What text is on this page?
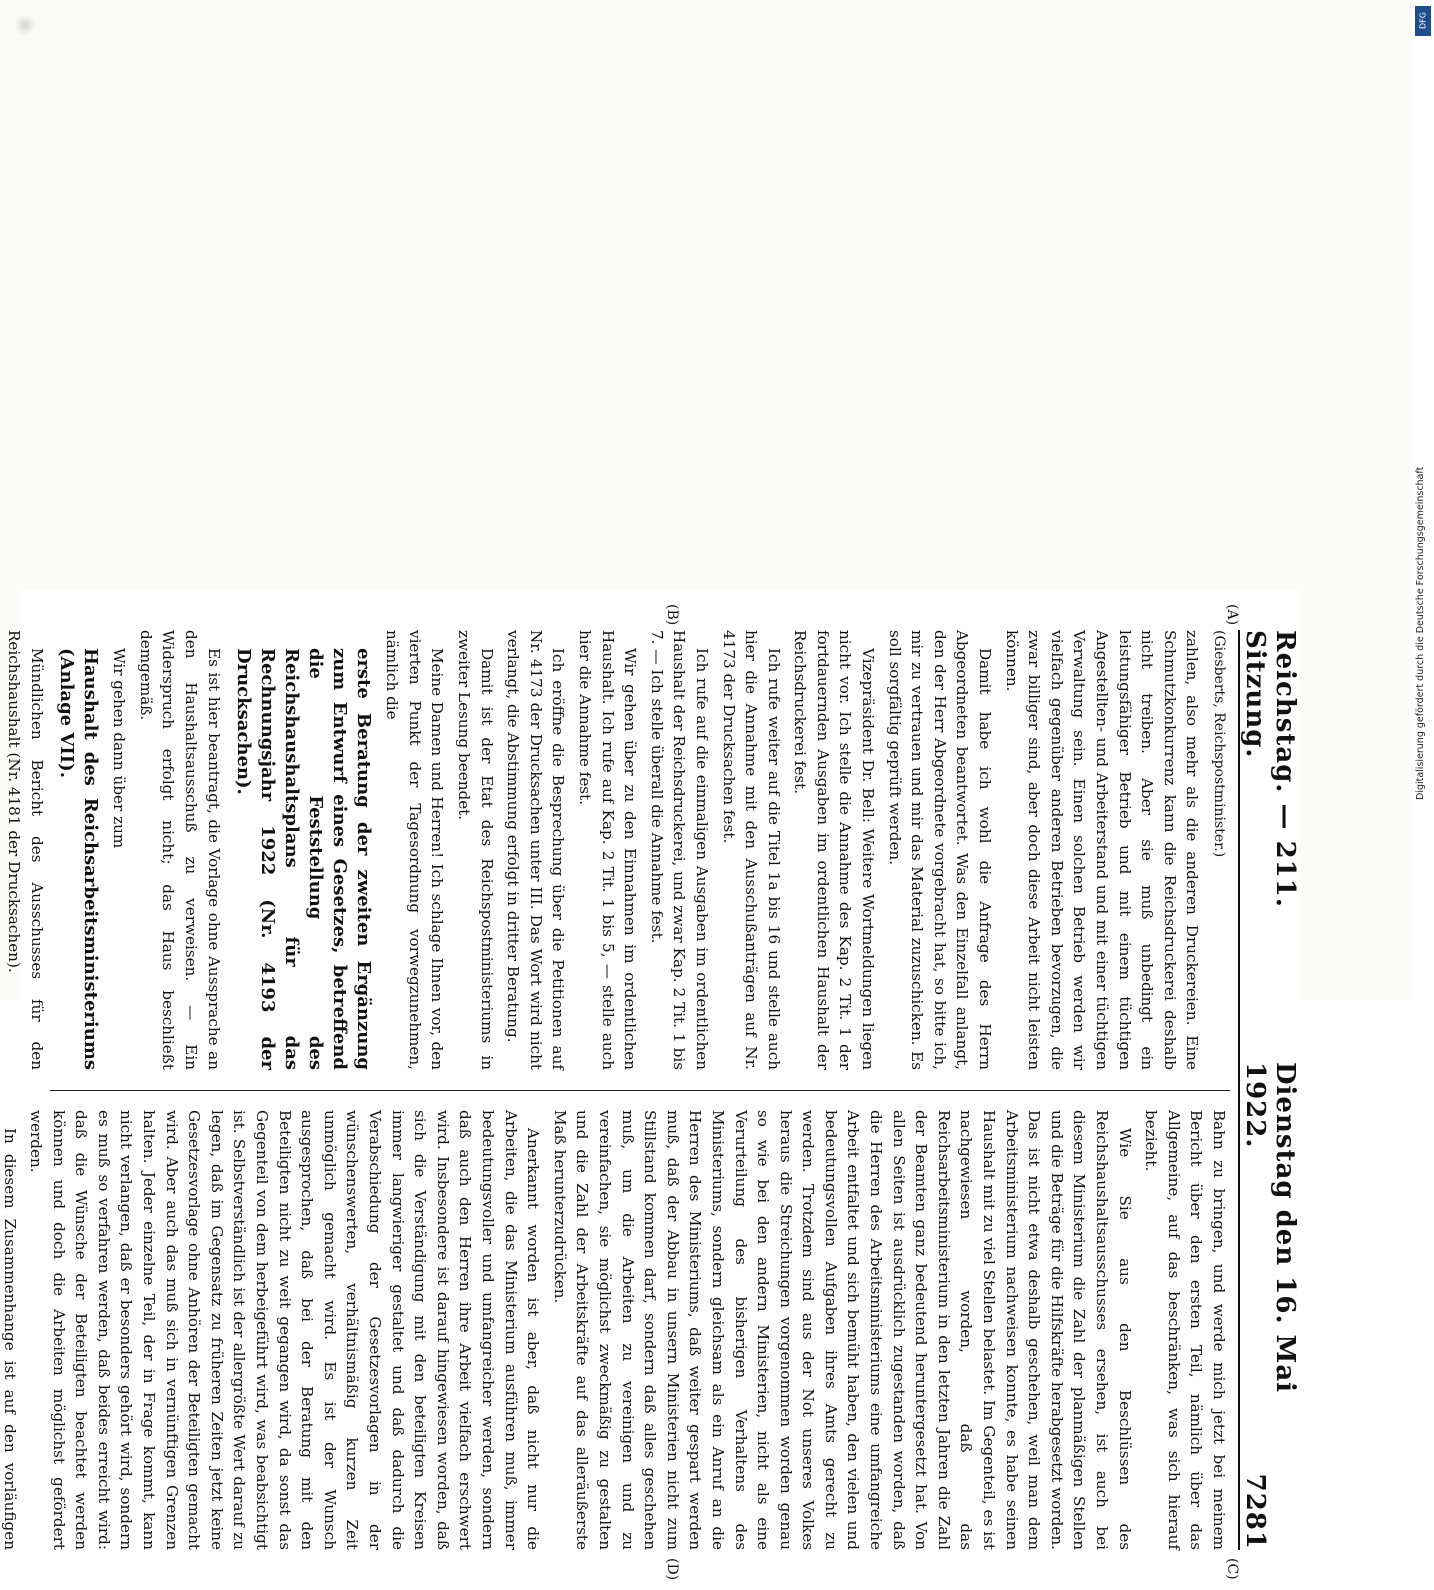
Reichstag. — 211. Sitzung.
Dienstag den 16. Mai 1922.
7281
(A)
(B)
(C)
(D)

(Giesberts, Reichspostminister.)

zahlen, also mehr als die anderen Druckereien. Eine Schmutzkonkurrenz kann die Reichsdruckerei deshalb nicht treiben. Aber sie muß unbedingt ein leistungsfähiger Betrieb und mit einem tüchtigen Angestellten- und Arbeiterstand und mit einer tüchtigen Verwaltung sein. Einen solchen Betrieb werden wir vielfach gegenüber anderen Betrieben bevorzugen, die zwar billiger sind, aber doch diese Arbeit nicht leisten können.

Damit habe ich wohl die Anfrage des Herrn Abgeordneten beantwortet. Was den Einzelfall anlangt, den der Herr Abgeordnete vorgebracht hat, so bitte ich, mir zu vertrauen und mir das Material zuzuschicken. Es soll sorgfältig geprüft werden.

Vizepräsident Dr. Bell: Weitere Wortmeldungen liegen nicht vor. Ich stelle die Annahme des Kap. 2 Tit. 1 der fortdauernden Ausgaben im ordentlichen Haushalt der Reichsdruckerei fest.

Ich rufe weiter auf die Titel 1a bis 16 und stelle auch hier die Annahme mit den Ausschußanträgen auf Nr. 4173 der Drucksachen fest.

Ich rufe auf die einmaligen Ausgaben im ordentlichen Haushalt der Reichsdruckerei, und zwar Kap. 2 Tit. 1 bis 7. — Ich stelle überall die Annahme fest.

Wir gehen über zu den Einnahmen im ordentlichen Haushalt. Ich rufe auf Kap. 2 Tit. 1 bis 5, — stelle auch hier die Annahme fest.

Ich eröffne die Besprechung über die Petitionen auf Nr. 4173 der Drucksachen unter III. Das Wort wird nicht verlangt, die Abstimmung erfolgt in dritter Beratung.

Damit ist der Etat des Reichspostministeriums in zweiter Lesung beendet.

Meine Damen und Herren! Ich schlage Ihnen vor, den vierten Punkt der Tagesordnung vorwegzunehmen, nämlich die

erste Beratung der zweiten Ergänzung zum Entwurf eines Gesetzes, betreffend die Feststellung des Reichshaushaltsplans für das Rechnungsjahr 1922 (Nr. 4193 der Drucksachen).

Es ist hier beantragt, die Vorlage ohne Aussprache an den Haushaltsausschuß zu verweisen. — Ein Widerspruch erfolgt nicht; das Haus beschließt demgemäß.

Wir gehen dann über zum

Haushalt des Reichsarbeitsministeriums (Anlage VII).

Mündlichen Bericht des Ausschusses für den Reichshaushalt (Nr. 4181 der Drucksachen).

Bahn zu bringen, und werde mich jetzt bei meinem Bericht über den ersten Teil, nämlich über das Allgemeine, auf das beschränken, was sich hierauf bezieht.

Wie Sie aus den Beschlüssen des Reichshaushaltsausschusses ersehen, ist auch bei diesem Ministerium die Zahl der planmäßigen Stellen und die Beträge für die Hilfskräfte herabgesetzt worden. Das ist nicht etwa deshalb geschehen, weil man dem Arbeitsministerium nachweisen konnte, es habe seinen Haushalt mit zu viel Stellen belastet. Im Gegenteil, es ist nachgewiesen worden, daß das Reichsarbeitsministerium in den letzten Jahren die Zahl der Beamten ganz bedeutend heruntergesetzt hat. Von allen Seiten ist ausdrücklich zugestanden worden, daß die Herren des Arbeitsministeriums eine umfangreiche Arbeit entfaltet und sich bemüht haben, den vielen und bedeutungsvollen Aufgaben ihres Amts gerecht zu werden. Trotzdem sind aus der Not unseres Volkes heraus die Streichungen vorgenommen worden genau so wie bei den andern Ministerien, nicht als eine Verurteilung des bisherigen Verhaltens des Ministeriums, sondern gleichsam als ein Anruf an die Herren des Ministeriums, daß weiter gespart werden muß, daß der Abbau in unsern Ministerien nicht zum Stillstand kommen darf, sondern daß alles geschehen muß, um die Arbeiten zu vereinigen und zu vereinfachen, sie möglichst zweckmäßig zu gestalten und die Zahl der Arbeitskräfte auf das alleräußerste Maß herunterzudrücken.

Anerkannt worden ist aber, daß nicht nur die Arbeiten, die das Ministerium ausführen muß, immer bedeutungsvoller und umfangreicher werden, sondern daß auch den Herren ihre Arbeit vielfach erschwert wird. Insbesondere ist darauf hingewiesen worden, daß sich die Verständigung mit den beteiligten Kreisen immer langwieriger gestaltet und daß dadurch die Verabschiedung der Gesetzesvorlagen in der wünschenswerten, verhältnismäßig kurzen Zeit unmöglich gemacht wird. Es ist der Wunsch ausgesprochen, daß bei der Beratung mit den Beteiligten nicht zu weit gegangen wird, da sonst das Gegenteil von dem herbeigeführt wird, was beabsichtigt ist. Selbstverständlich ist der allergrößte Wert darauf zu legen, daß im Gegensatz zu früheren Zeiten jetzt keine Gesetzesvorlage ohne Anhören der Beteiligten gemacht wird. Aber auch das muß sich in vernünftigen Grenzen halten. Jeder einzelne Teil, der in Frage kommt, kann nicht verlangen, daß er besonders gehört wird, sondern es muß so verfahren werden, daß beides erreicht wird: daß die Wünsche der Beteiligten beachtet werden können und doch die Arbeiten möglichst gefördert werden.

In diesem Zusammenhange ist auf den vorläufigen

DFG
Digitalisierung gefördert durch die Deutsche Forschungsgemeinschaft
